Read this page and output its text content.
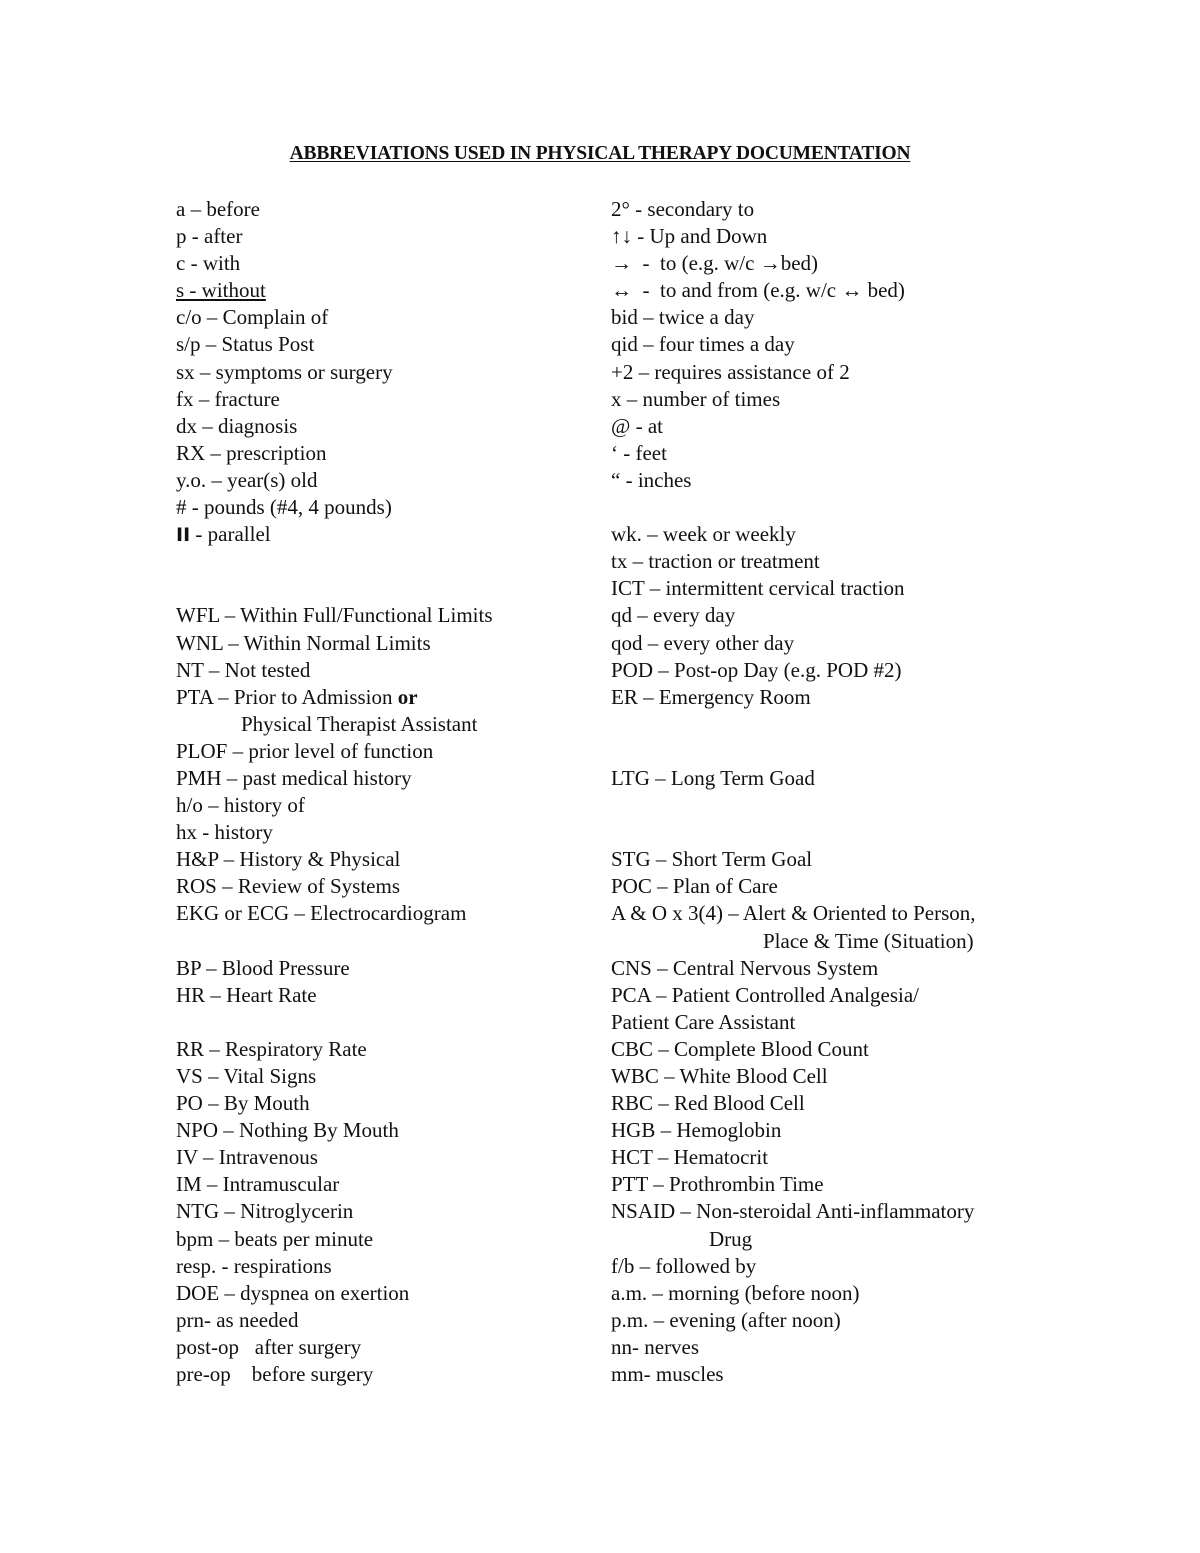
ABBREVIATIONS USED IN PHYSICAL THERAPY DOCUMENTATION
a – before
p - after
c - with
s - without
c/o – Complain of
s/p – Status Post
sx – symptoms or surgery
fx – fracture
dx – diagnosis
RX – prescription
y.o. – year(s) old
# - pounds (#4, 4 pounds)
II - parallel
WFL – Within Full/Functional Limits
WNL – Within Normal Limits
NT – Not tested
PTA – Prior to Admission or
Physical Therapist Assistant
PLOF – prior level of function
PMH – past medical history
h/o – history of
hx - history
H&P – History & Physical
ROS – Review of Systems
EKG or ECG – Electrocardiogram
BP – Blood Pressure
HR – Heart Rate
RR – Respiratory Rate
VS – Vital Signs
PO – By Mouth
NPO – Nothing By Mouth
IV – Intravenous
IM – Intramuscular
NTG – Nitroglycerin
bpm – beats per minute
resp. - respirations
DOE – dyspnea on exertion
prn- as needed
post-op   after surgery
pre-op    before surgery
2° - secondary to
↑↓ - Up and Down
→  -  to (e.g. w/c →bed)
↔  -  to and from (e.g. w/c ↔ bed)
bid – twice a day
qid – four times a day
+2 – requires assistance of 2
x – number of times
@ - at
‘ - feet
“ - inches
wk. – week or weekly
tx – traction or treatment
ICT – intermittent cervical traction
qd – every day
qod – every other day
POD – Post-op Day (e.g. POD #2)
ER – Emergency Room
LTG – Long Term Goad
STG – Short Term Goal
POC – Plan of Care
A & O x 3(4) – Alert & Oriented to Person,
Place & Time (Situation)
CNS – Central Nervous System
PCA – Patient Controlled Analgesia/
Patient Care Assistant
CBC – Complete Blood Count
WBC – White Blood Cell
RBC – Red Blood Cell
HGB – Hemoglobin
HCT – Hematocrit
PTT – Prothrombin Time
NSAID – Non-steroidal Anti-inflammatory
Drug
f/b – followed by
a.m. – morning (before noon)
p.m. – evening (after noon)
nn- nerves
mm- muscles
